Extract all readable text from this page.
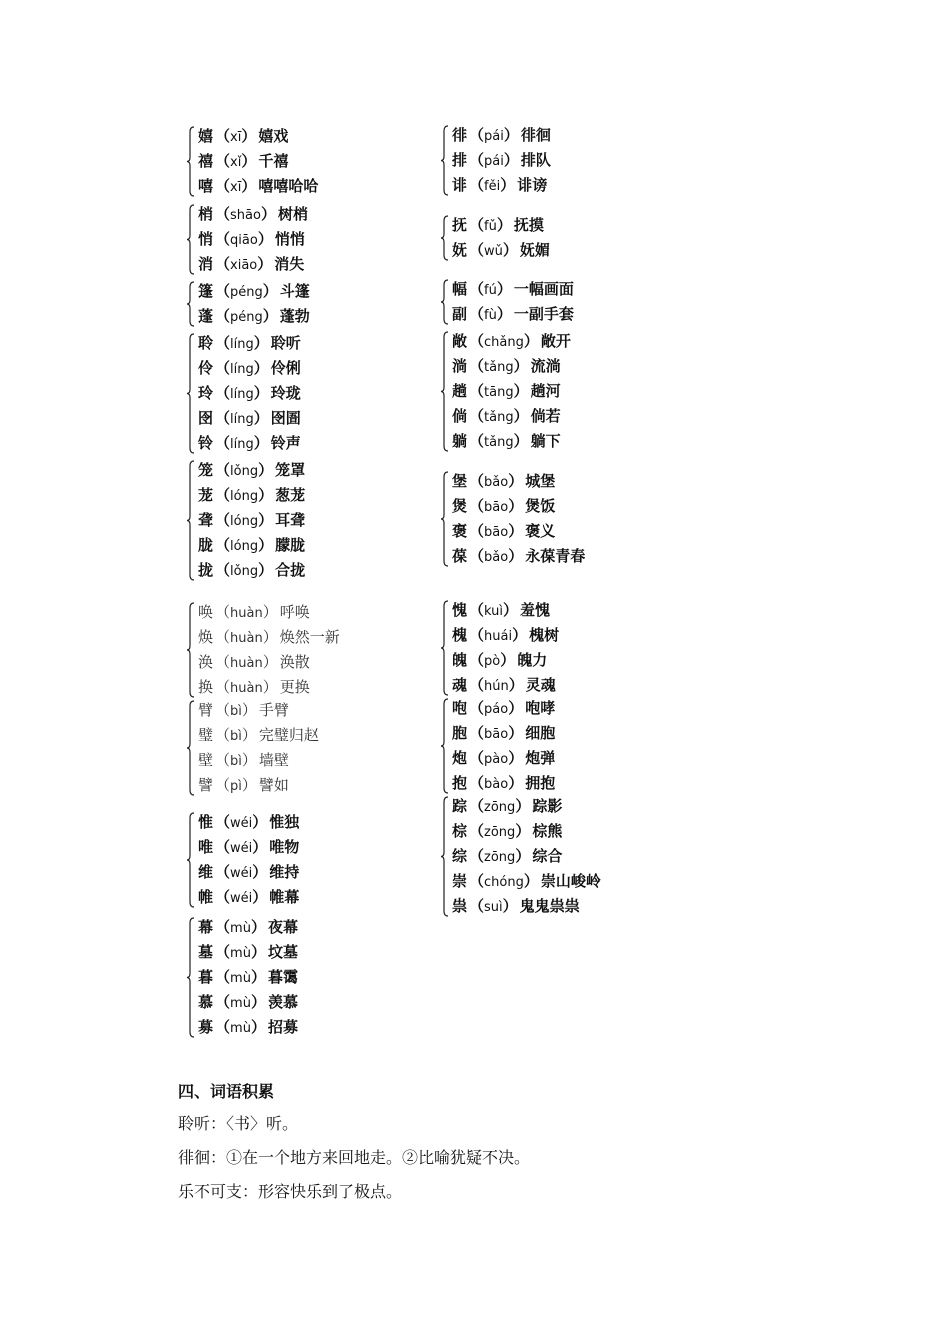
嬉 （xī） 嬉戏
禧 （xǐ） 千禧
嘻 （xī） 嘻嘻哈哈
梢 （shāo） 树梢
悄 （qiāo） 悄悄
消 （xiāo） 消失
篷 （péng） 斗篷
蓬 （péng） 蓬勃
聆 （líng） 聆听
伶 （líng） 伶俐
玲 （líng） 玲珑
囹 （líng） 囹圄
铃 （líng） 铃声
笼 （lǒng） 笼罩
茏 （lóng） 葱茏
聋 （lóng） 耳聋
胧 （lóng） 朦胧
拢 （lǒng） 合拢
唤 （huàn） 呼唤
焕 （huàn） 焕然一新
涣 （huàn） 涣散
换 （huàn） 更换
臂 （bì） 手臂
璧 （bì） 完璧归赵
壁 （bì） 墙壁
譬 （pì） 譬如
惟 （wéi） 惟独
唯 （wéi） 唯物
维 （wéi） 维持
帷 （wéi） 帷幕
幕 （mù） 夜幕
墓 （mù） 坟墓
暮 （mù） 暮霭
慕 （mù） 羡慕
募 （mù） 招募
徘 （pái） 徘徊
排 （pái） 排队
诽 （fěi） 诽谤
抚 （fǔ） 抚摸
妩 （wǔ） 妩媚
幅 （fú） 一幅画面
副 （fù） 一副手套
敞 （chǎng） 敞开
淌 （tǎng） 流淌
趟 （tāng） 趟河
倘 （tǎng） 倘若
躺 （tǎng） 躺下
堡 （bǎo） 城堡
煲 （bāo） 煲饭
褒 （bāo） 褒义
葆 （bǎo） 永葆青春
愧 （kuì） 羞愧
槐 （huái） 槐树
魄 （pò） 魄力
魂 （hún） 灵魂
咆 （páo） 咆哮
胞 （bāo） 细胞
炮 （pào） 炮弹
抱 （bào） 拥抱
踪 （zōng） 踪影
棕 （zōng） 棕熊
综 （zōng） 综合
崇 （chóng） 崇山峻岭
祟 （suì） 鬼鬼祟祟
四、词语积累
聆听：〈书〉听。
徘徊：①在一个地方来回地走。②比喻犹疑不决。
乐不可支：形容快乐到了极点。
